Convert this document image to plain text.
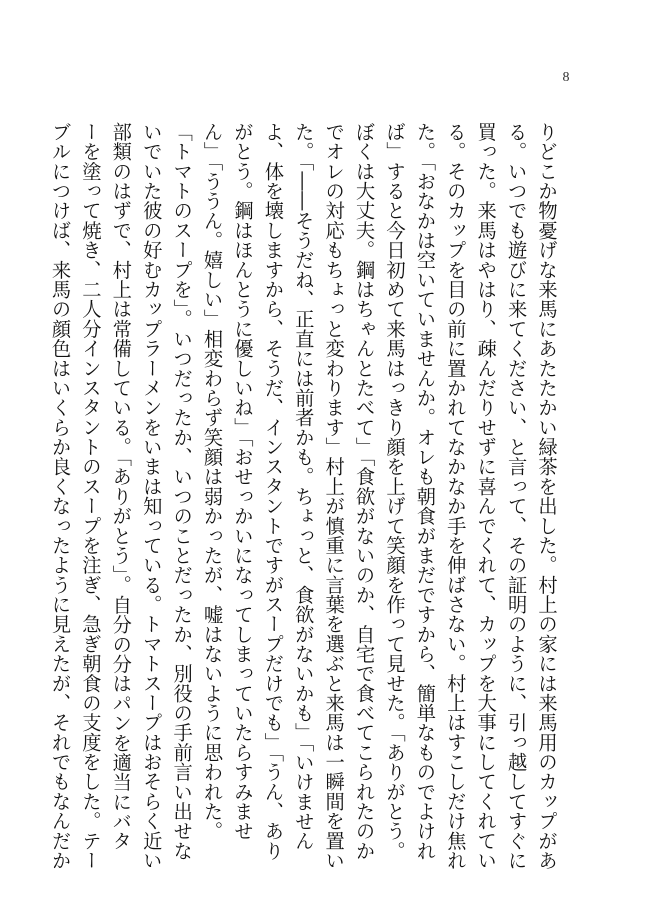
8
りどこか物憂げな来馬にあたたかい緑茶を出した。村上の家には来馬用のカップがあ
る。いつでも遊びに来てください、と言って、その証明のように、引っ越してすぐに
買った。来馬はやはり、疎んだりせずに喜んでくれて、カップを大事にしてくれてい
る。そのカップを目の前に置かれてなかなか手を伸ばさない。村上はすこしだけ焦れ
た。「おなかは空いていませんか。オレも朝食がまだですから、簡単なものでよけれ
ば」すると今日初めて来馬はっきり顔を上げて笑顔を作って見せた。「ありがとう。
ぼくは大丈夫。鋼はちゃんとたべて」「食欲がないのか、自宅で食べてこられたのか
でオレの対応もちょっと変わります」村上が慎重に言葉を選ぶと来馬は一瞬間を置い
た。「――そうだね、正直には前者かも。ちょっと、食欲がないかも」「いけません
よ、体を壊しますから、そうだ、インスタントですがスープだけでも」「うん、あり
がとう。鋼はほんとうに優しいね」「おせっかいになってしまっていたらすみませ
ん」「ううん。嬉しい」相変わらず笑顔は弱かったが、嘘はないように思われた。
「トマトのスープを」。いつだったか、いつのことだったか、別役の手前言い出せな
いでいた彼の好むカップラーメンをいまは知っている。トマトスープはおそらく近い
部類のはずで、村上は常備している。「ありがとう」。自分の分はパンを適当にバタ
ーを塗って焼き、二人分インスタントのスープを注ぎ、急ぎ朝食の支度をした。テー
ブルにつけば、来馬の顔色はいくらか良くなったように見えたが、それでもなんだか
